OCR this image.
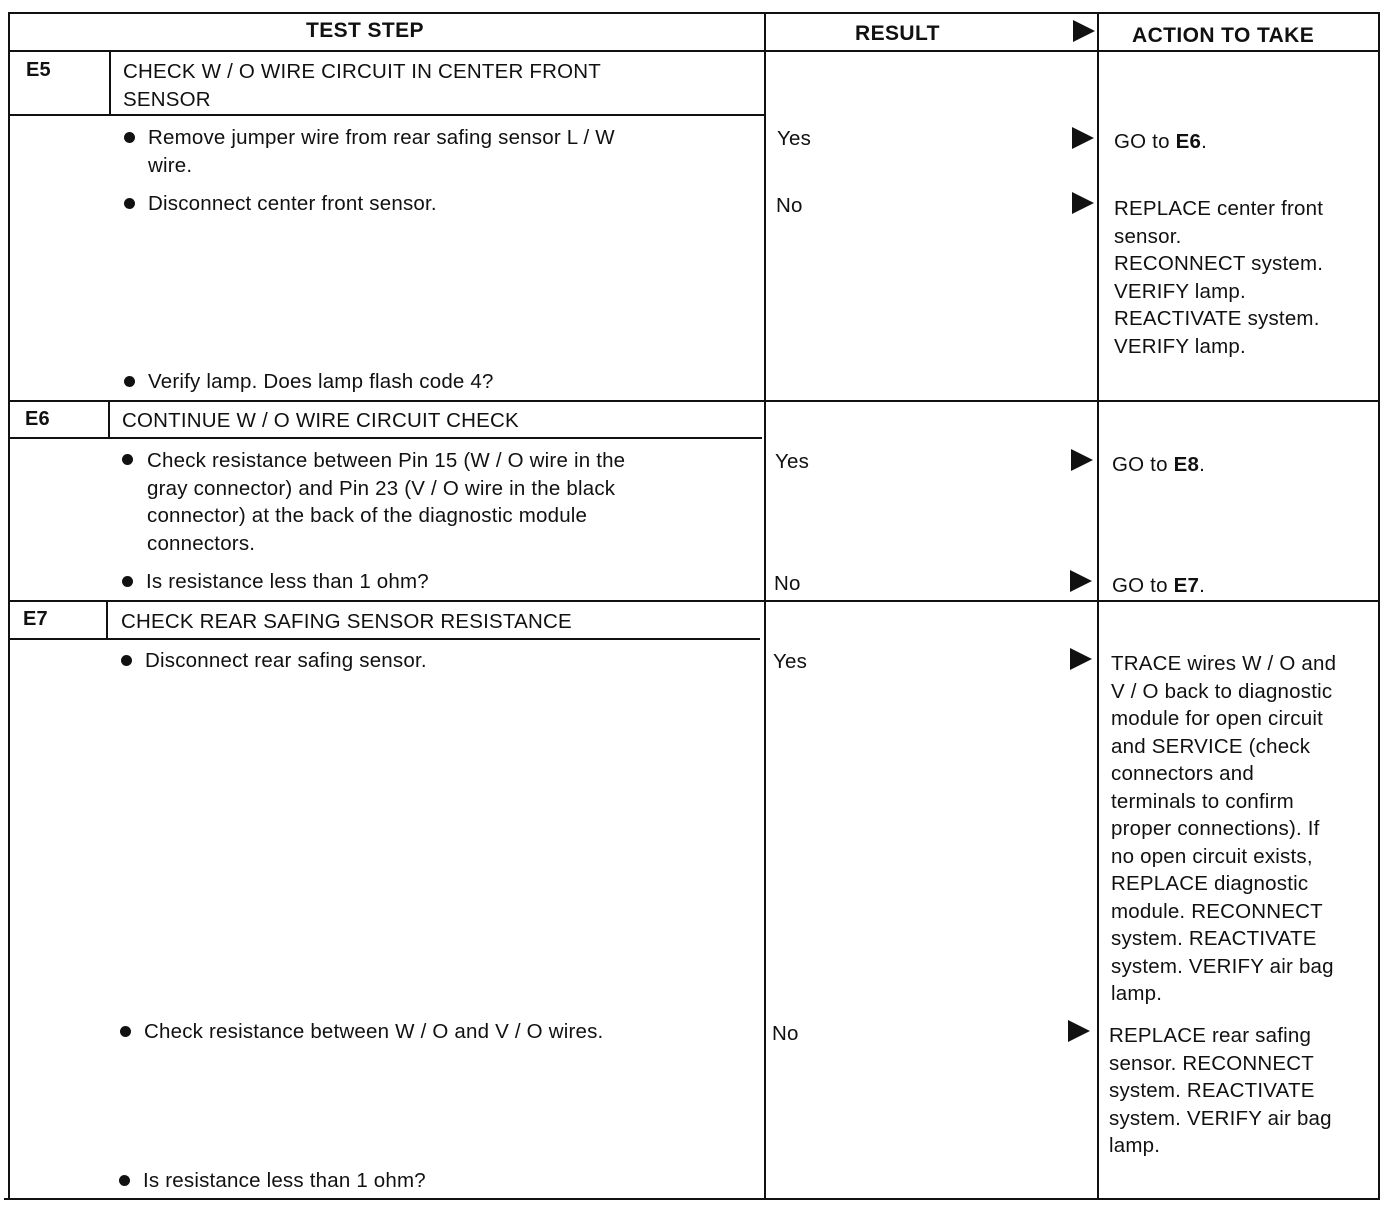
TEST STEP	RESULT	ACTION TO TAKE
E5	CHECK W / O WIRE CIRCUIT IN CENTER FRONT
SENSOR
Remove jumper wire from rear safing sensor L / W
wire.
Disconnect center front sensor.
Verify lamp. Does lamp flash code 4?
Yes	GO to E6.
No	REPLACE center front
sensor.
RECONNECT system.
VERIFY lamp.
REACTIVATE system.
VERIFY lamp.
E6	CONTINUE W / O WIRE CIRCUIT CHECK
Check resistance between Pin 15 (W / O wire in the
gray connector) and Pin 23 (V / O wire in the black
connector) at the back of the diagnostic module
connectors.
Is resistance less than 1 ohm?
Yes	GO to E8.
No	GO to E7.
E7	CHECK REAR SAFING SENSOR RESISTANCE
Disconnect rear safing sensor.
Check resistance between W / O and V / O wires.
Is resistance less than 1 ohm?
Yes	TRACE wires W / O and
V / O back to diagnostic
module for open circuit
and SERVICE (check
connectors and
terminals to confirm
proper connections). If
no open circuit exists,
REPLACE diagnostic
module. RECONNECT
system. REACTIVATE
system. VERIFY air bag
lamp.
No	REPLACE rear safing
sensor. RECONNECT
system. REACTIVATE
system. VERIFY air bag
lamp.
